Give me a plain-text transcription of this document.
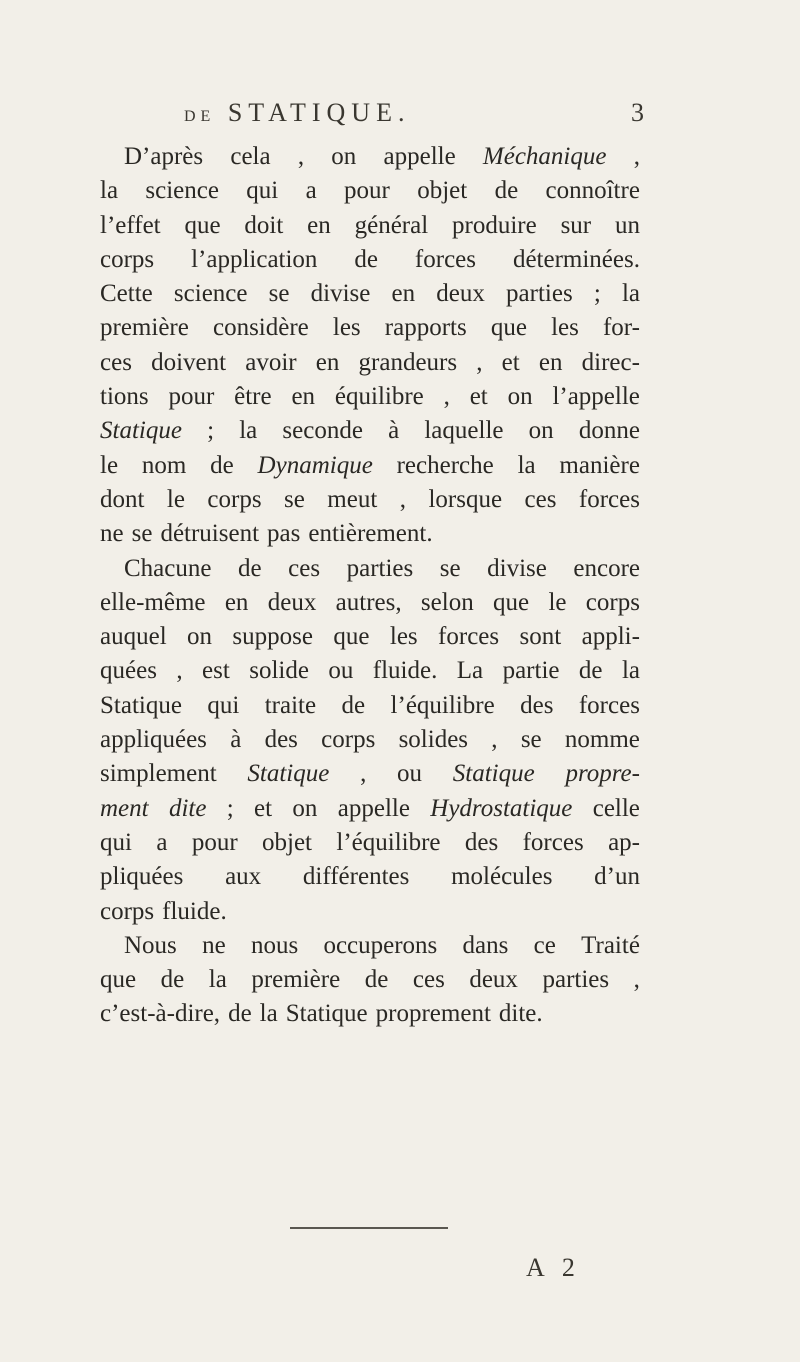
DE STATIQUE.	3
D’après cela , on appelle Méchanique ,
la science qui a pour objet de connoître
l’effet que doit en général produire sur un
corps l’application de forces déterminées.
Cette science se divise en deux parties ; la
première considère les rapports que les for-
ces doivent avoir en grandeurs , et en direc-
tions pour être en équilibre , et on l’appelle
Statique ; la seconde à laquelle on donne
le nom de Dynamique recherche la manière
dont le corps se meut , lorsque ces forces
ne se détruisent pas entièrement.
Chacune de ces parties se divise encore
elle-même en deux autres, selon que le corps
auquel on suppose que les forces sont appli-
quées , est solide ou fluide. La partie de la
Statique qui traite de l’équilibre des forces
appliquées à des corps solides , se nomme
simplement Statique , ou Statique propre-
ment dite ; et on appelle Hydrostatique celle
qui a pour objet l’équilibre des forces ap-
pliquées aux différentes molécules d’un
corps fluide.
Nous ne nous occuperons dans ce Traité
que de la première de ces deux parties ,
c’est-à-dire, de la Statique proprement dite.
A 2
